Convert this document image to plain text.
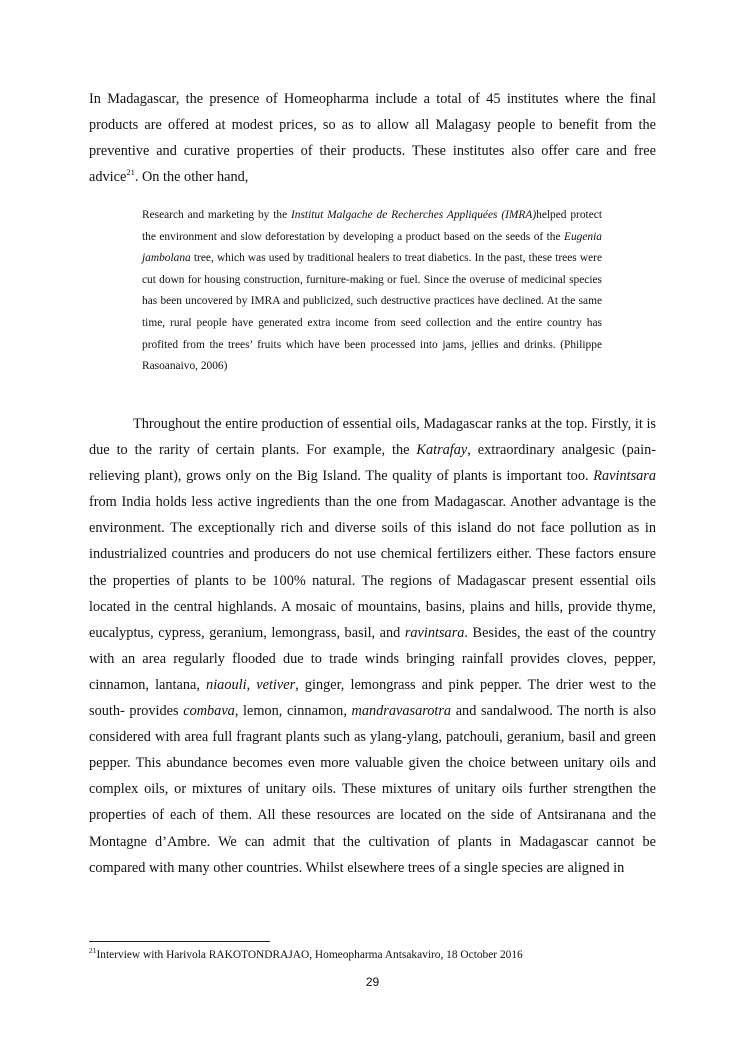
In Madagascar, the presence of Homeopharma include a total of 45 institutes where the final products are offered at modest prices, so as to allow all Malagasy people to benefit from the preventive and curative properties of their products. These institutes also offer care and free advice$^{21}$. On the other hand,

Research and marketing by the Institut Malgache de Recherches Appliquées (IMRA)helped protect the environment and slow deforestation by developing a product based on the seeds of the Eugenia jambolana tree, which was used by traditional healers to treat diabetics. In the past, these trees were cut down for housing construction, furniture-making or fuel. Since the overuse of medicinal species has been uncovered by IMRA and publicized, such destructive practices have declined. At the same time, rural people have generated extra income from seed collection and the entire country has profited from the trees’ fruits which have been processed into jams, jellies and drinks. (Philippe Rasoanaivo, 2006)

Throughout the entire production of essential oils, Madagascar ranks at the top. Firstly, it is due to the rarity of certain plants. For example, the Katrafay, extraordinary analgesic (pain-relieving plant), grows only on the Big Island. The quality of plants is important too. Ravintsara from India holds less active ingredients than the one from Madagascar. Another advantage is the environment. The exceptionally rich and diverse soils of this island do not face pollution as in industrialized countries and producers do not use chemical fertilizers either. These factors ensure the properties of plants to be 100% natural. The regions of Madagascar present essential oils located in the central highlands. A mosaic of mountains, basins, plains and hills, provide thyme, eucalyptus, cypress, geranium, lemongrass, basil, and ravintsara. Besides, the east of the country with an area regularly flooded due to trade winds bringing rainfall provides cloves, pepper, cinnamon, lantana, niaouli, vetiver, ginger, lemongrass and pink pepper. The drier west to the south- provides combava, lemon, cinnamon, mandravasarotra and sandalwood. The north is also considered with area full fragrant plants such as ylang-ylang, patchouli, geranium, basil and green pepper. This abundance becomes even more valuable given the choice between unitary oils and complex oils, or mixtures of unitary oils. These mixtures of unitary oils further strengthen the properties of each of them. All these resources are located on the side of Antsiranana and the Montagne d’Ambre. We can admit that the cultivation of plants in Madagascar cannot be compared with many other countries. Whilst elsewhere trees of a single species are aligned in

$^{21}$Interview with Harivola RAKOTONDRAJAO, Homeopharma Antsakaviro, 18 October 2016

29
